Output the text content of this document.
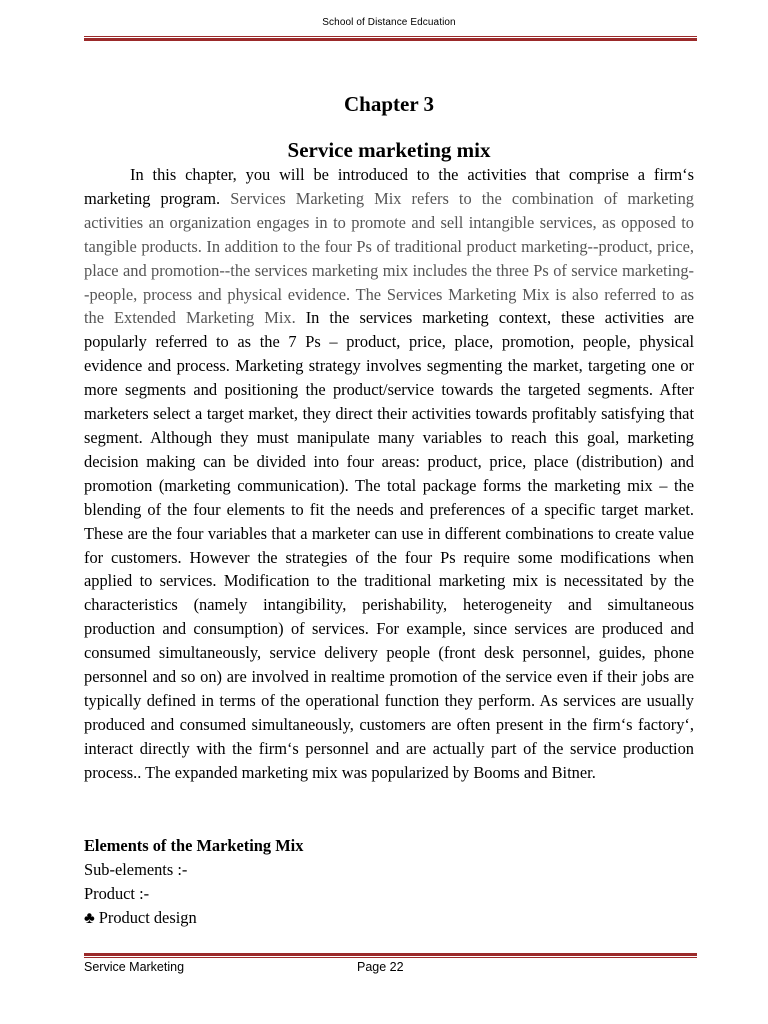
School of Distance Edcuation
Chapter 3
Service marketing mix

In this chapter, you will be introduced to the activities that comprise a firm‘s marketing program. Services Marketing Mix refers to the combination of marketing activities an organization engages in to promote and sell intangible services, as opposed to tangible products. In addition to the four Ps of traditional product marketing--product, price, place and promotion--the services marketing mix includes the three Ps of service marketing--people, process and physical evidence. The Services Marketing Mix is also referred to as the Extended Marketing Mix. In the services marketing context, these activities are popularly referred to as the 7 Ps – product, price, place, promotion, people, physical evidence and process. Marketing strategy involves segmenting the market, targeting one or more segments and positioning the product/service towards the targeted segments. After marketers select a target market, they direct their activities towards profitably satisfying that segment. Although they must manipulate many variables to reach this goal, marketing decision making can be divided into four areas: product, price, place (distribution) and promotion (marketing communication). The total package forms the marketing mix – the blending of the four elements to fit the needs and preferences of a specific target market. These are the four variables that a marketer can use in different combinations to create value for customers. However the strategies of the four Ps require some modifications when applied to services. Modification to the traditional marketing mix is necessitated by the characteristics (namely intangibility, perishability, heterogeneity and simultaneous production and consumption) of services. For example, since services are produced and consumed simultaneously, service delivery people (front desk personnel, guides, phone personnel and so on) are involved in realtime promotion of the service even if their jobs are typically defined in terms of the operational function they perform. As services are usually produced and consumed simultaneously, customers are often present in the firm‘s factory‘, interact directly with the firm‘s personnel and are actually part of the service production process.. The expanded marketing mix was popularized by Booms and Bitner.

Elements of the Marketing Mix
Sub-elements :-
Product :-
♣ Product design
Service Marketing	Page 22
